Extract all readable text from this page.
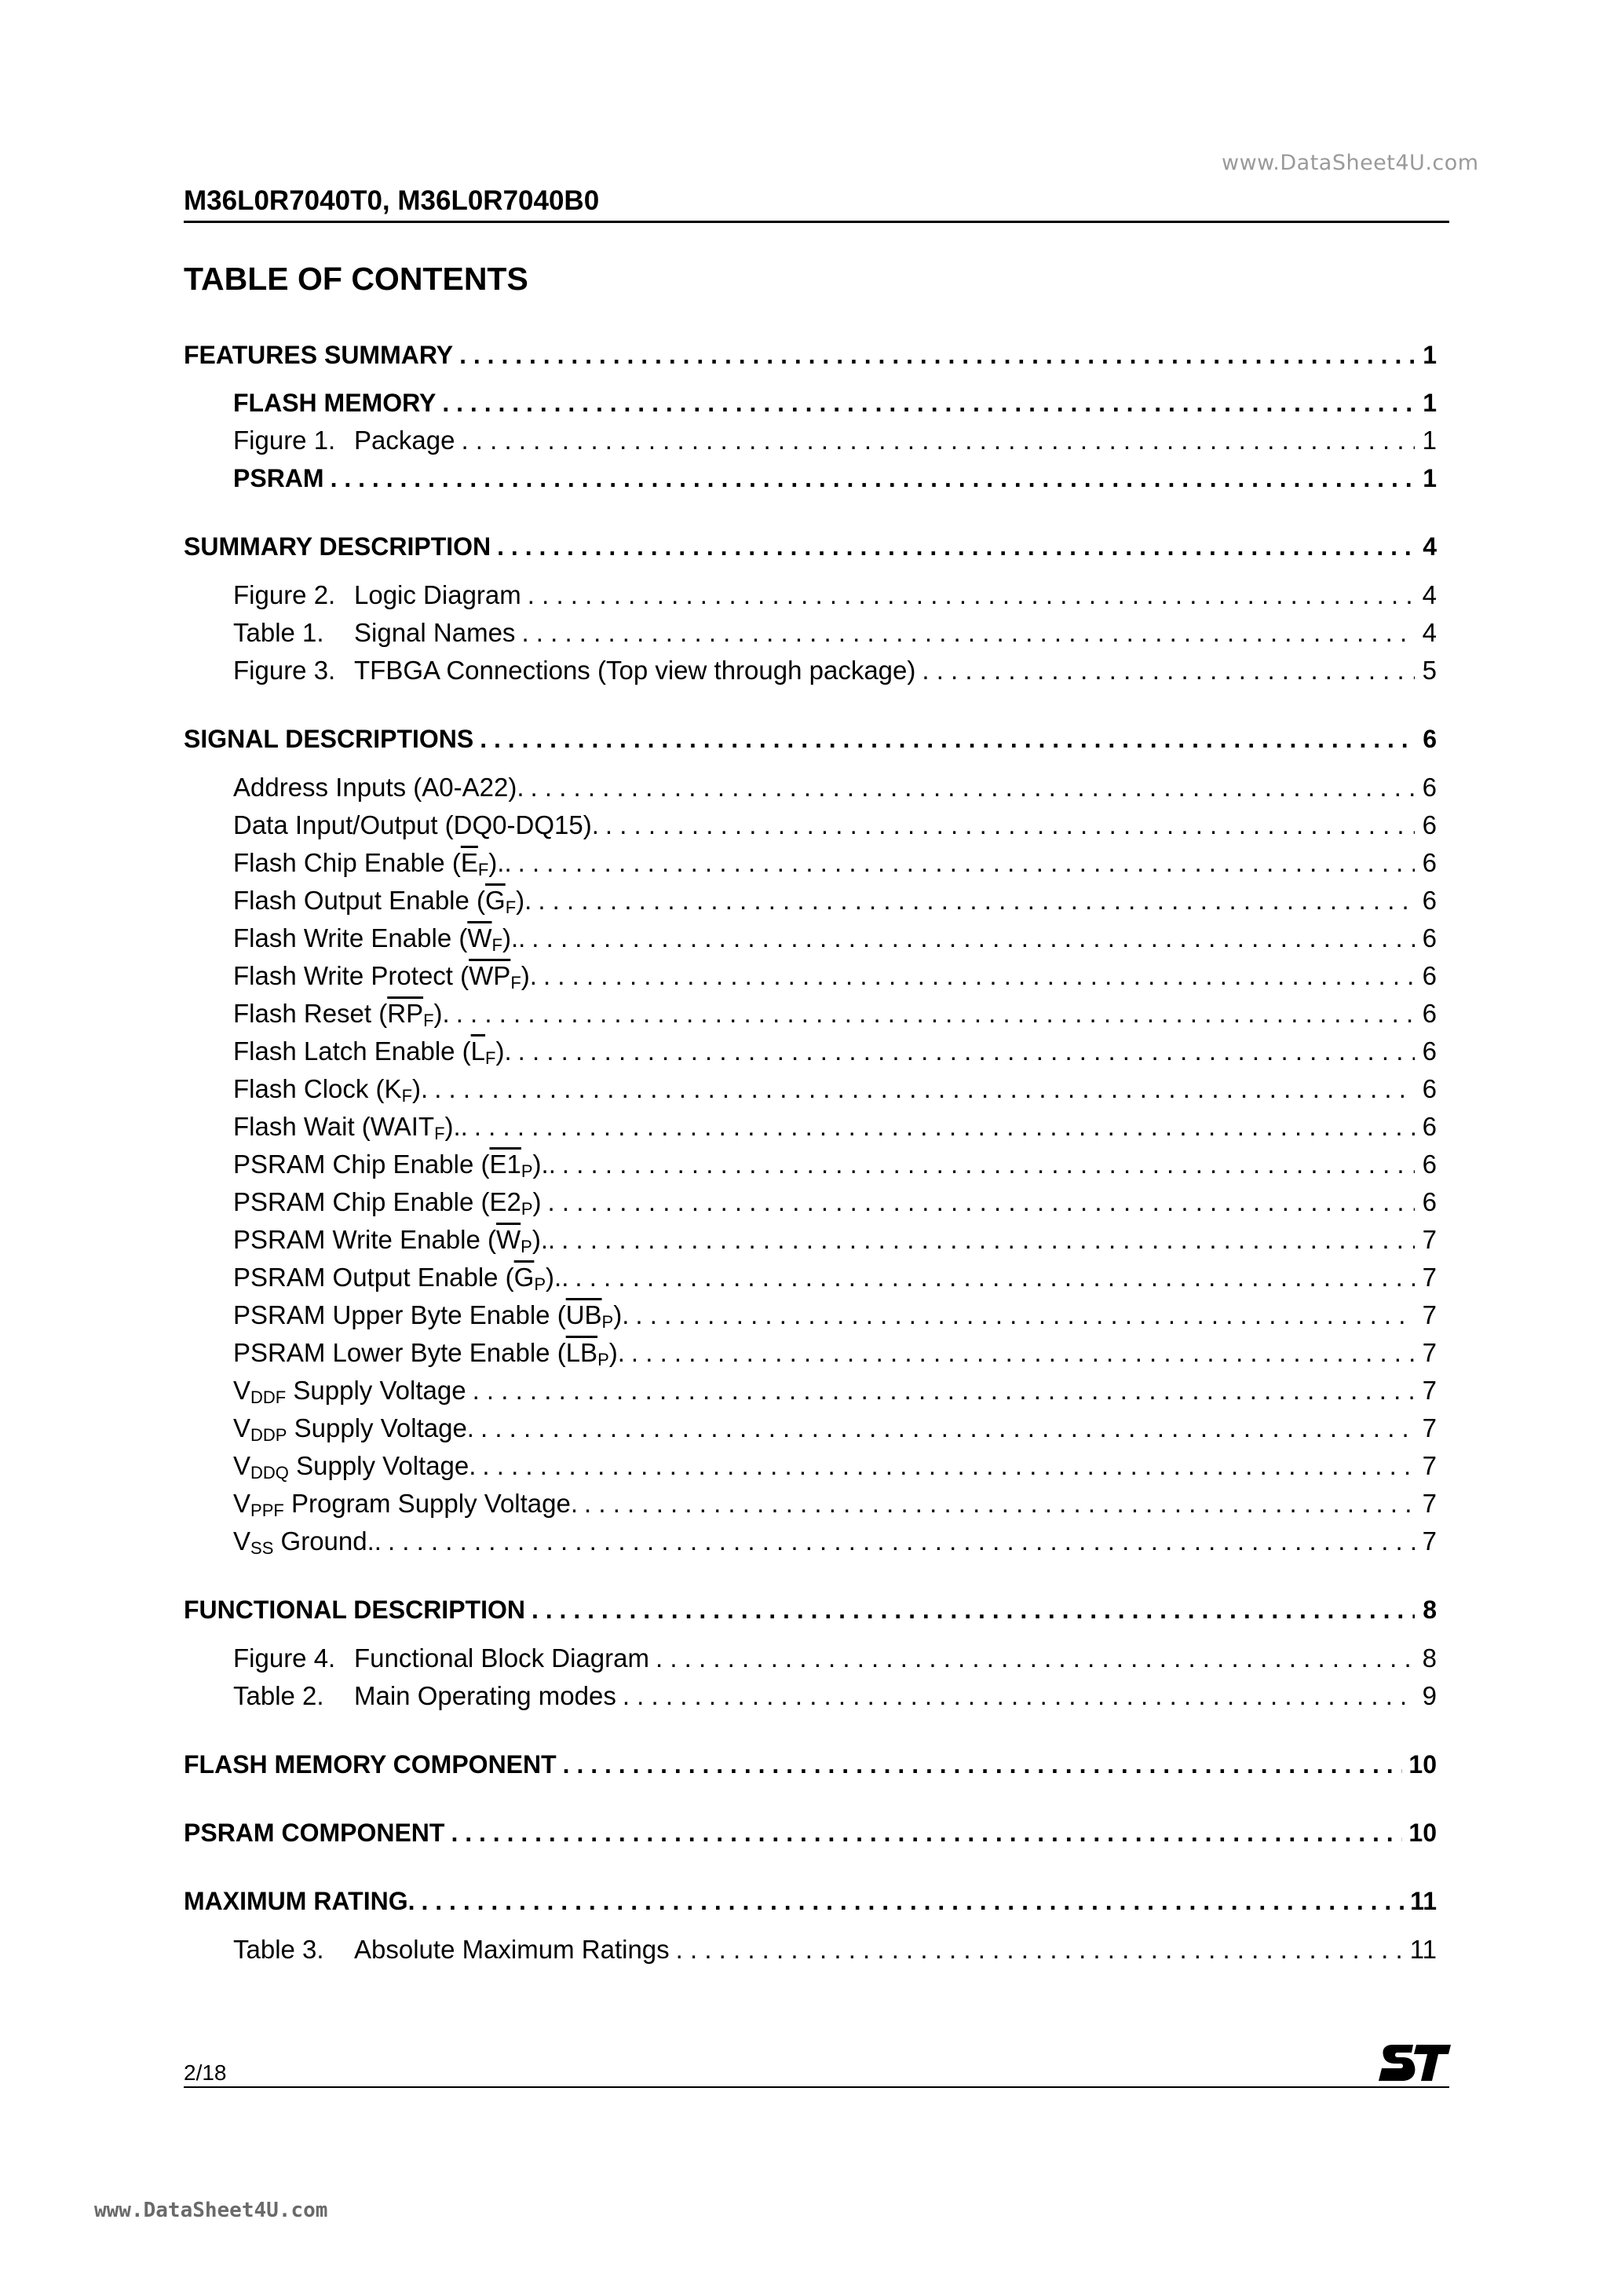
www.DataSheet4U.com
M36L0R7040T0, M36L0R7040B0
TABLE OF CONTENTS
FEATURES SUMMARY . . .	1
FLASH MEMORY . . .	1
Figure 1. Package . . .	1
PSRAM . . .	1
SUMMARY DESCRIPTION . . .	4
Figure 2. Logic Diagram . . .	4
Table 1. Signal Names . . .	4
Figure 3. TFBGA Connections (Top view through package) . . .	5
SIGNAL DESCRIPTIONS . . .	6
Address Inputs (A0-A22). . . .	6
Data Input/Output (DQ0-DQ15). . . .	6
Flash Chip Enable $(\overline{E}_F)$.. . . .	6
Flash Output Enable $(\overline{G}_F)$. . . .	6
Flash Write Enable $(\overline{W}_F)$.. . . .	6
Flash Write Protect $(\overline{WP}_F)$. . . .	6
Flash Reset $(\overline{RP}_F)$. . . .	6
Flash Latch Enable $(\overline{L}_F)$. . . .	6
Flash Clock $(K_F)$. . . .	6
Flash Wait $(WAIT_F)$.. . . .	6
PSRAM Chip Enable $(E1_P)$.. . . .	6
PSRAM Chip Enable $(E2_P)$ . . .	6
PSRAM Write Enable $(\overline{W}_P)$.. . . .	7
PSRAM Output Enable $(\overline{G}_P)$.. . . .	7
PSRAM Upper Byte Enable $(\overline{UB}_P)$. . . .	7
PSRAM Lower Byte Enable $(\overline{LB}_P)$. . . .	7
$V_{DDF}$ Supply Voltage . . .	7
$V_{DDP}$ Supply Voltage. . . .	7
$V_{DDQ}$ Supply Voltage. . . .	7
$V_{PPF}$ Program Supply Voltage. . . .	7
$V_{SS}$ Ground.. . . .	7
FUNCTIONAL DESCRIPTION . . .	8
Figure 4. Functional Block Diagram . . .	8
Table 2. Main Operating modes . . .	9
FLASH MEMORY COMPONENT . . .	10
PSRAM COMPONENT . . .	10
MAXIMUM RATING. . . .	11
Table 3. Absolute Maximum Ratings . . .	11
2/18
www.DataSheet4U.com
